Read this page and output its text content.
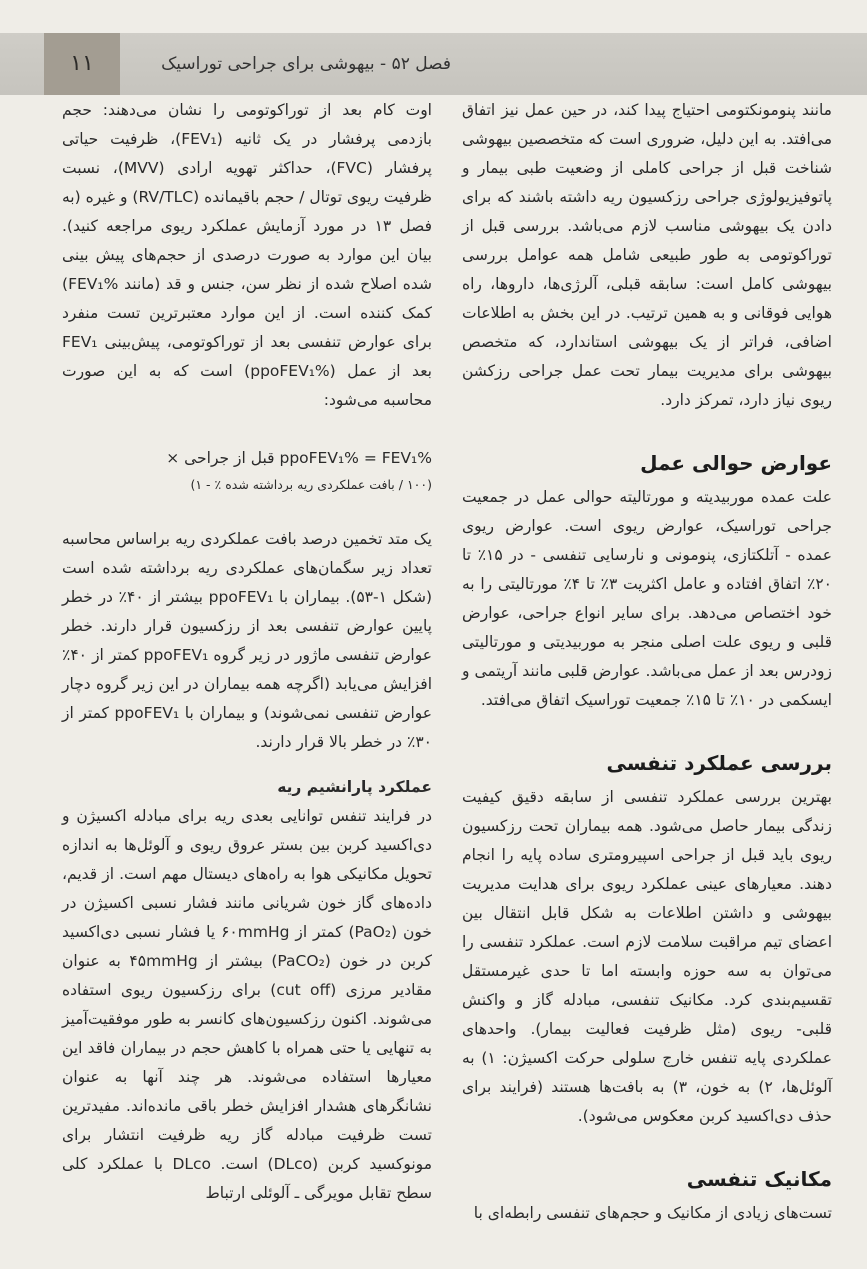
۱۱	فصل ۵۲ - بیهوشی برای جراحی توراسیک

مانند پنومونکتومی احتیاج پیدا کند، در حین عمل نیز اتفاق می‌افتد. به این دلیل، ضروری است که متخصصین بیهوشی شناخت قبل از جراحی کاملی از وضعیت طبی بیمار و پاتوفیزیولوژی جراحی رزکسیون ریه داشته باشند که برای دادن یک بیهوشی مناسب لازم می‌باشد. بررسی قبل از توراکوتومی به طور طبیعی شامل همه عوامل بررسی بیهوشی کامل است: سابقه قبلی، آلرژی‌ها، داروها، راه هوایی فوقانی و به همین ترتیب. در این بخش به اطلاعات اضافی، فراتر از یک بیهوشی استاندارد، که متخصص بیهوشی برای مدیریت بیمار تحت عمل جراحی رزکشن ریوی نیاز دارد، تمرکز دارد.

عوارض حوالی عمل

علت عمده موربیدیته و مورتالیته حوالی عمل در جمعیت جراحی توراسیک، عوارض ریوی است. عوارض ریوی عمده - آتلکتازی، پنومونی و نارسایی تنفسی - در ۱۵٪ تا ۲۰٪ اتفاق افتاده و عامل اکثریت ۳٪ تا ۴٪ مورتالیتی را به خود اختصاص می‌دهد. برای سایر انواع جراحی، عوارض قلبی و ریوی علت اصلی منجر به موربیدیتی و مورتالیتی زودرس بعد از عمل می‌باشد. عوارض قلبی مانند آریتمی و ایسکمی در ۱۰٪ تا ۱۵٪ جمعیت توراسیک اتفاق می‌افتد.

بررسی عملکرد تنفسی

بهترین بررسی عملکرد تنفسی از سابقه دقیق کیفیت زندگی بیمار حاصل می‌شود. همه بیماران تحت رزکسیون ریوی باید قبل از جراحی اسپیرومتری ساده پایه را انجام دهند. معیارهای عینی عملکرد ریوی برای هدایت مدیریت بیهوشی و داشتن اطلاعات به شکل قابل انتقال بین اعضای تیم مراقبت سلامت لازم است. عملکرد تنفسی را می‌توان به سه حوزه وابسته اما تا حدی غیرمستقل تقسیم‌بندی کرد. مکانیک تنفسی، مبادله گاز و واکنش قلبی- ریوی (مثل ظرفیت فعالیت بیمار). واحدهای عملکردی پایه تنفس خارج سلولی حرکت اکسیژن: ۱) به آلوئل‌ها، ۲) به خون، ۳) به بافت‌ها هستند (فرایند برای حذف دی‌اکسید کربن معکوس می‌شود).

مکانیک تنفسی

تست‌های زیادی از مکانیک و حجم‌های تنفسی رابطه‌ای با

اوت کام بعد از توراکوتومی را نشان می‌دهند: حجم بازدمی پرفشار در یک ثانیه (FEV₁)، ظرفیت حیاتی پرفشار (FVC)، حداکثر تهویه ارادی (MVV)، نسبت ظرفیت ریوی توتال / حجم باقیمانده (RV/TLC) و غیره (به فصل ۱۳ در مورد آزمایش عملکرد ریوی مراجعه کنید). بیان این موارد به صورت درصدی از حجم‌های پیش بینی شده اصلاح شده از نظر سن، جنس و قد (مانند FEV₁%) کمک کننده است. از این موارد معتبرترین تست منفرد برای عوارض تنفسی بعد از توراکوتومی، پیش‌بینی FEV₁ بعد از عمل (ppoFEV₁%) است که به این صورت محاسبه می‌شود:

ppoFEV₁% = FEV₁% قبل از جراحی ×
(۱۰۰ / بافت عملکردی ریه برداشته شده ٪ - ۱)

یک متد تخمین درصد بافت عملکردی ریه براساس محاسبه تعداد زیر سگمان‌های عملکردی ریه برداشته شده است (شکل ۱-۵۳). بیماران با ppoFEV₁ بیشتر از ۴۰٪ در خطر پایین عوارض تنفسی بعد از رزکسیون قرار دارند. خطر عوارض تنفسی ماژور در زیر گروه ppoFEV₁ کمتر از ۴۰٪ افزایش می‌یابد (اگرچه همه بیماران در این زیر گروه دچار عوارض تنفسی نمی‌شوند) و بیماران با ppoFEV₁ کمتر از ۳۰٪ در خطر بالا قرار دارند.

عملکرد پارانشیم ریه

در فرایند تنفس توانایی بعدی ریه برای مبادله اکسیژن و دی‌اکسید کربن بین بستر عروق ریوی و آلوئل‌ها به اندازه تحویل مکانیکی هوا به راه‌های دیستال مهم است. از قدیم، داده‌های گاز خون شریانی مانند فشار نسبی اکسیژن در خون (PaO₂) کمتر از ۶۰mmHg یا فشار نسبی دی‌اکسید کربن در خون (PaCO₂) بیشتر از ۴۵mmHg به عنوان مقادیر مرزی (cut off) برای رزکسیون ریوی استفاده می‌شوند. اکنون رزکسیون‌های کانسر به طور موفقیت‌آمیز به تنهایی یا حتی همراه با کاهش حجم در بیماران فاقد این معیارها استفاده می‌شوند. هر چند آنها به عنوان نشانگرهای هشدار افزایش خطر باقی مانده‌اند. مفیدترین تست ظرفیت مبادله گاز ریه ظرفیت انتشار برای مونوکسید کربن (DLco) است. DLco با عملکرد کلی سطح تقابل مویرگی ـ آلوئلی ارتباط
